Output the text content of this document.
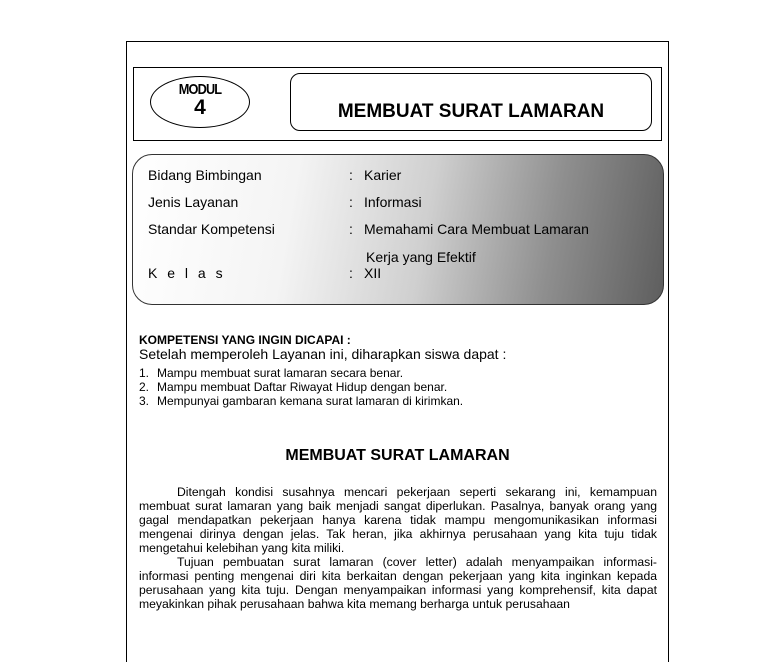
MODUL
4	MEMBUAT SURAT LAMARAN
Bidang Bimbingan	: Karier
Jenis Layanan	: Informasi
Standar Kompetensi	: Memahami Cara Membuat Lamaran
Kerja yang Efektif
K e l a s	: XII
KOMPETENSI YANG INGIN DICAPAI :
Setelah memperoleh Layanan ini, diharapkan siswa dapat :
1. Mampu membuat surat lamaran secara benar.
2. Mampu membuat Daftar Riwayat Hidup dengan benar.
3. Mempunyai gambaran kemana surat lamaran di kirimkan.
MEMBUAT SURAT LAMARAN

Ditengah kondisi susahnya mencari pekerjaan seperti sekarang ini, kemampuan membuat surat lamaran yang baik menjadi sangat diperlukan. Pasalnya, banyak orang yang gagal mendapatkan pekerjaan hanya karena tidak mampu mengomunikasikan informasi mengenai dirinya dengan jelas. Tak heran, jika akhirnya perusahaan yang kita tuju tidak mengetahui kelebihan yang kita miliki.

Tujuan pembuatan surat lamaran (cover letter) adalah menyampaikan informasi-informasi penting mengenai diri kita berkaitan dengan pekerjaan yang kita inginkan kepada perusahaan yang kita tuju. Dengan menyampaikan informasi yang komprehensif, kita dapat meyakinkan pihak perusahaan bahwa kita memang berharga untuk perusahaan
